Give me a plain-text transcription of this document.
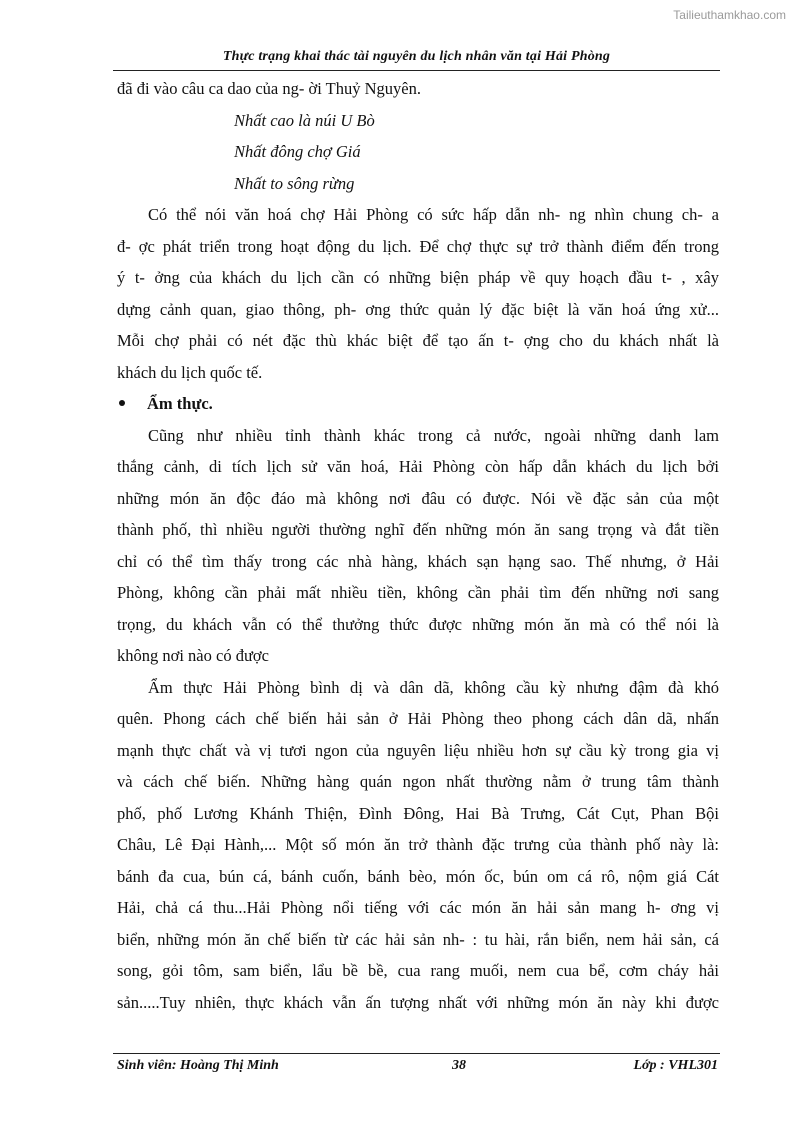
Tailieuthamkhao.com
Thực trạng khai thác tài nguyên du lịch nhân văn tại Hải Phòng
đã đi vào câu ca dao của ng- ời Thuỷ Nguyên.
Nhất cao là núi U Bò
Nhất đông chợ Giá
Nhất to sông rừng
Có thể nói văn hoá chợ Hải Phòng có sức hấp dẫn nh- ng nhìn chung ch- a
đ- ợc phát triển trong hoạt động du lịch. Để chợ thực sự trở thành điểm đến trong
ý t- ởng của khách du lịch cần có những biện pháp về quy hoạch đầu t- , xây
dựng cảnh quan, giao thông, ph- ơng thức quản lý đặc biệt là văn hoá ứng xử...
Mỗi chợ phải có nét đặc thù khác biệt để tạo ấn t- ợng cho du khách nhất là
khách du lịch quốc tế.
Ẩm thực.
Cũng như nhiều tỉnh thành khác trong cả nước, ngoài những danh lam
thắng cảnh, di tích lịch sử văn hoá, Hải Phòng còn hấp dẫn khách du lịch bởi
những món ăn độc đáo mà không nơi đâu có được. Nói về đặc sản của một
thành phố, thì nhiều người thường nghĩ đến những món ăn sang trọng và đắt tiền
chỉ có thể tìm thấy trong các nhà hàng, khách sạn hạng sao. Thế nhưng, ở Hải
Phòng, không cần phải mất nhiều tiền, không cần phải tìm đến những nơi sang
trọng, du khách vẫn có thể thưởng thức được những món ăn mà có thể nói là
không nơi nào có được
Ẩm thực Hải Phòng bình dị và dân dã, không cầu kỳ nhưng đậm đà khó
quên. Phong cách chế biến hải sản ở Hải Phòng theo phong cách dân dã, nhấn
mạnh thực chất và vị tươi ngon của nguyên liệu nhiều hơn sự cầu kỳ trong gia vị
và cách chế biến. Những hàng quán ngon nhất thường nằm ở trung tâm thành
phố, phố Lương Khánh Thiện, Đình Đông, Hai Bà Trưng, Cát Cụt, Phan Bội
Châu, Lê Đại Hành,... Một số món ăn trở thành đặc trưng của thành phố này là:
bánh đa cua, bún cá, bánh cuốn, bánh bèo, món ốc, bún om cá rô, nộm giá Cát
Hải, chả cá thu...Hải Phòng nổi tiếng với các món ăn hải sản mang h- ơng vị
biển, những món ăn chế biến từ các hải sản nh- : tu hài, rắn biển, nem hải sản, cá
song, gỏi tôm, sam biển, lẩu bề bề, cua rang muối, nem cua bể, cơm cháy hải
sản.....Tuy nhiên, thực khách vẫn ấn tượng nhất với những món ăn này khi được
Sinh viên: Hoàng Thị Minh	38	Lớp : VHL301
